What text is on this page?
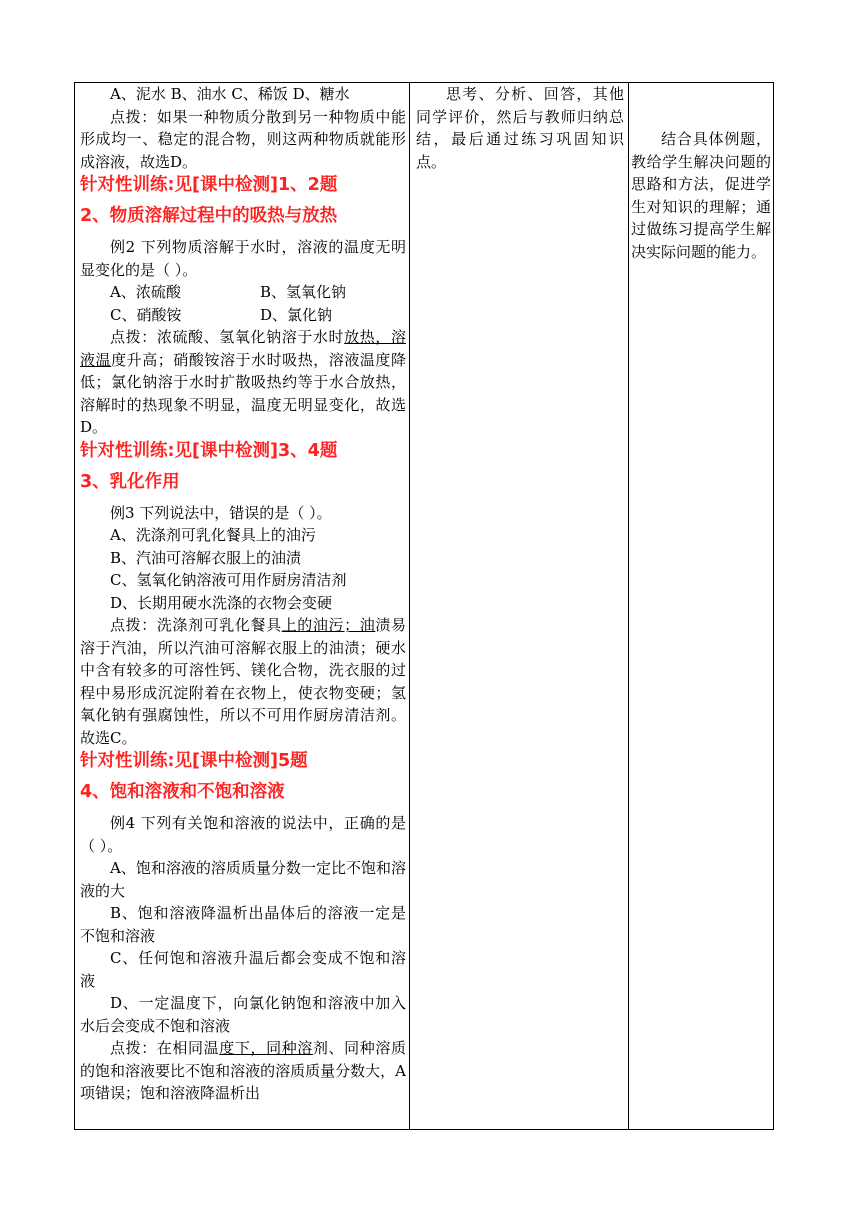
A、泥水 B、油水 C、稀饭 D、糖水

点拨：如果一种物质分散到另一种物质中能形成均一、稳定的混合物，则这两种物质就能形成溶液，故选D。

针对性训练:见[课中检测]1、2题

2、物质溶解过程中的吸热与放热

例2 下列物质溶解于水时，溶液的温度无明显变化的是（ ）。

A、浓硫酸	B、氢氧化钠

C、硝酸铵	D、氯化钠

点拨：浓硫酸、氢氧化钠溶于水时放热，溶液温度升高；硝酸铵溶于水时吸热，溶液温度降低；氯化钠溶于水时扩散吸热约等于水合放热，溶解时的热现象不明显，温度无明显变化，故选D。

针对性训练:见[课中检测]3、4题

3、乳化作用

例3 下列说法中，错误的是（ ）。

A、洗涤剂可乳化餐具上的油污

B、汽油可溶解衣服上的油渍

C、氢氧化钠溶液可用作厨房清洁剂

D、长期用硬水洗涤的衣物会变硬

点拨：洗涤剂可乳化餐具上的油污；油渍易溶于汽油，所以汽油可溶解衣服上的油渍；硬水中含有较多的可溶性钙、镁化合物，洗衣服的过程中易形成沉淀附着在衣物上，使衣物变硬；氢氧化钠有强腐蚀性，所以不可用作厨房清洁剂。故选C。

针对性训练:见[课中检测]5题

4、饱和溶液和不饱和溶液

例4 下列有关饱和溶液的说法中，正确的是（ ）。

A、饱和溶液的溶质质量分数一定比不饱和溶液的大

B、饱和溶液降温析出晶体后的溶液一定是不饱和溶液

C、任何饱和溶液升温后都会变成不饱和溶液

D、一定温度下，向氯化钠饱和溶液中加入水后会变成不饱和溶液

点拨：在相同温度下，同种溶剂、同种溶质的饱和溶液要比不饱和溶液的溶质质量分数大，A项错误；饱和溶液降温析出

思考、分析、回答，其他同学评价，然后与教师归纳总结，最后通过练习巩固知识点。

结合具体例题，教给学生解决问题的思路和方法，促进学生对知识的理解；通过做练习提高学生解决实际问题的能力。
